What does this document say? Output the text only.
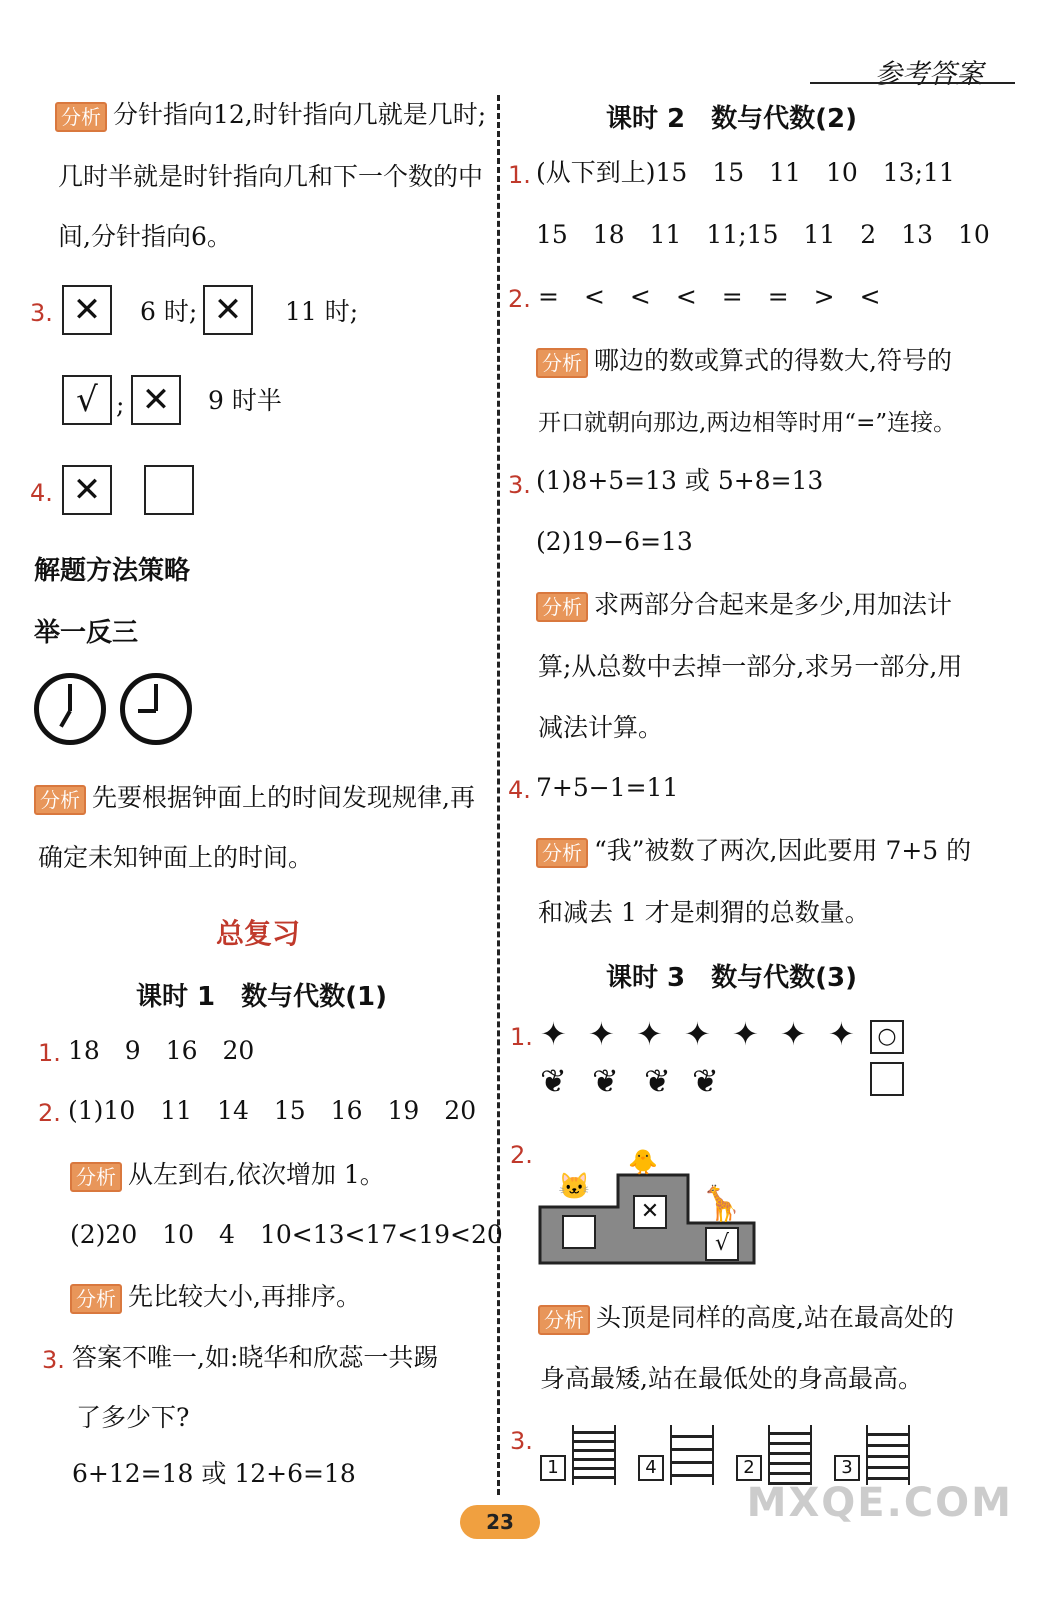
参考答案
分析 分针指向12,时针指向几就是几时;
几时半就是时针指向几和下一个数的中
间,分针指向6。
3. ✕	6 时; ✕	11 时;
√ ; ✕	9 时半
4. ✕
解题方法策略
举一反三
分析 先要根据钟面上的时间发现规律,再
确定未知钟面上的时间。
总复习
课时 1　数与代数(1)
1. 18　9　16　20
2. (1)10　11　14　15　16　19　20
分析 从左到右,依次增加 1。
(2)20　10　4　10<13<17<19<20
分析 先比较大小,再排序。
3. 答案不唯一,如:晓华和欣蕊一共踢
了多少下?
6+12=18 或 12+6=18
课时 2　数与代数(2)
1. (从下到上)15　15　11　10　13;11
15　18　11　11;15　11　2　13　10
2. =　<　<　<　=　=　>　<
分析 哪边的数或算式的得数大,符号的
开口就朝向那边,两边相等时用“=”连接。
3. (1)8+5=13 或 5+8=13
(2)19−6=13
分析 求两部分合起来是多少,用加法计
算;从总数中去掉一部分,求另一部分,用
减法计算。
4. 7+5−1=11
分析 “我”被数了两次,因此要用 7+5 的
和减去 1 才是刺猬的总数量。
课时 3　数与代数(3)
1. ✦ ✦ ✦ ✦ ✦ ✦ ✦	○
❦ ❦ ❦ ❦
2.
🐱
🐥
🦒
✕
√
分析 头顶是同样的高度,站在最高处的
身高最矮,站在最低处的身高最高。
3.
1	4	2	3
23	MXQE.COM
